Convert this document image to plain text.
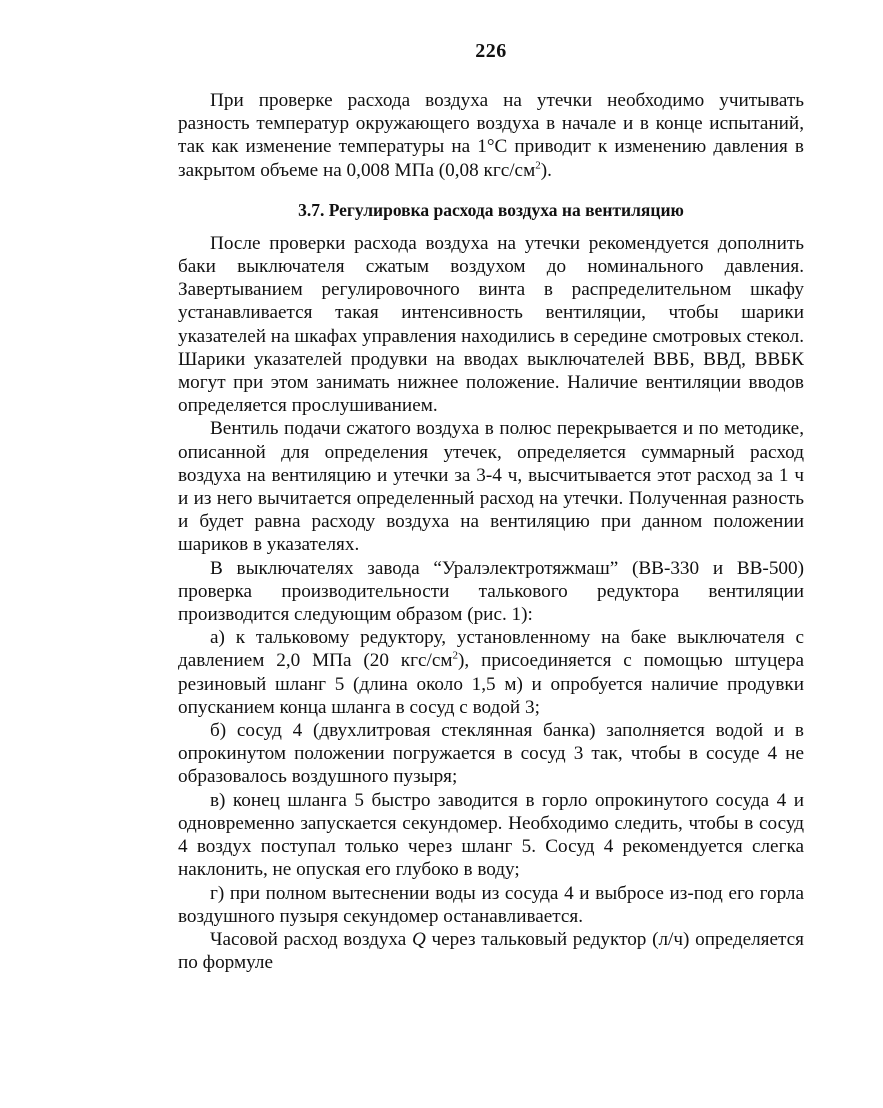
226

При проверке расхода воздуха на утечки необходимо учитывать разность температур окружающего воздуха в начале и в конце испытаний, так как изменение температуры на 1°С приводит к изменению давления в закрытом объеме на 0,008 МПа (0,08 кгс/$см^2$).

3.7. Регулировка расхода воздуха на вентиляцию

После проверки расхода воздуха на утечки рекомендуется дополнить баки выключателя сжатым воздухом до номинального давления. Завертыванием регулировочного винта в распределительном шкафу устанавливается такая интенсивность вентиляции, чтобы шарики указателей на шкафах управления находились в середине смотровых стекол. Шарики указателей продувки на вводах выключателей ВВБ, ВВД, ВВБК могут при этом занимать нижнее положение. Наличие вентиляции вводов определяется прослушиванием.

Вентиль подачи сжатого воздуха в полюс перекрывается и по методике, описанной для определения утечек, определяется суммарный расход воздуха на вентиляцию и утечки за 3-4 ч, высчитывается этот расход за 1 ч и из него вычитается определенный расход на утечки. Полученная разность и будет равна расходу воздуха на вентиляцию при данном положении шариков в указателях.

В выключателях завода “Уралэлектротяжмаш” (ВВ-330 и ВВ-500) проверка производительности талькового редуктора вентиляции производится следующим образом (рис. 1):

а) к тальковому редуктору, установленному на баке выключателя с давлением 2,0 МПа (20 кгс/$см^2$), присоединяется с помощью штуцера резиновый шланг 5 (длина около 1,5 м) и опробуется наличие продувки опусканием конца шланга в сосуд с водой 3;

б) сосуд 4 (двухлитровая стеклянная банка) заполняется водой и в опрокинутом положении погружается в сосуд 3 так, чтобы в сосуде 4 не образовалось воздушного пузыря;

в) конец шланга 5 быстро заводится в горло опрокинутого сосуда 4 и одновременно запускается секундомер. Необходимо следить, чтобы в сосуд 4 воздух поступал только через шланг 5. Сосуд 4 рекомендуется слегка наклонить, не опуская его глубоко в воду;

г) при полном вытеснении воды из сосуда 4 и выбросе из-под его горла воздушного пузыря секундомер останавливается.

Часовой расход воздуха Q через тальковый редуктор (л/ч) определяется по формуле
